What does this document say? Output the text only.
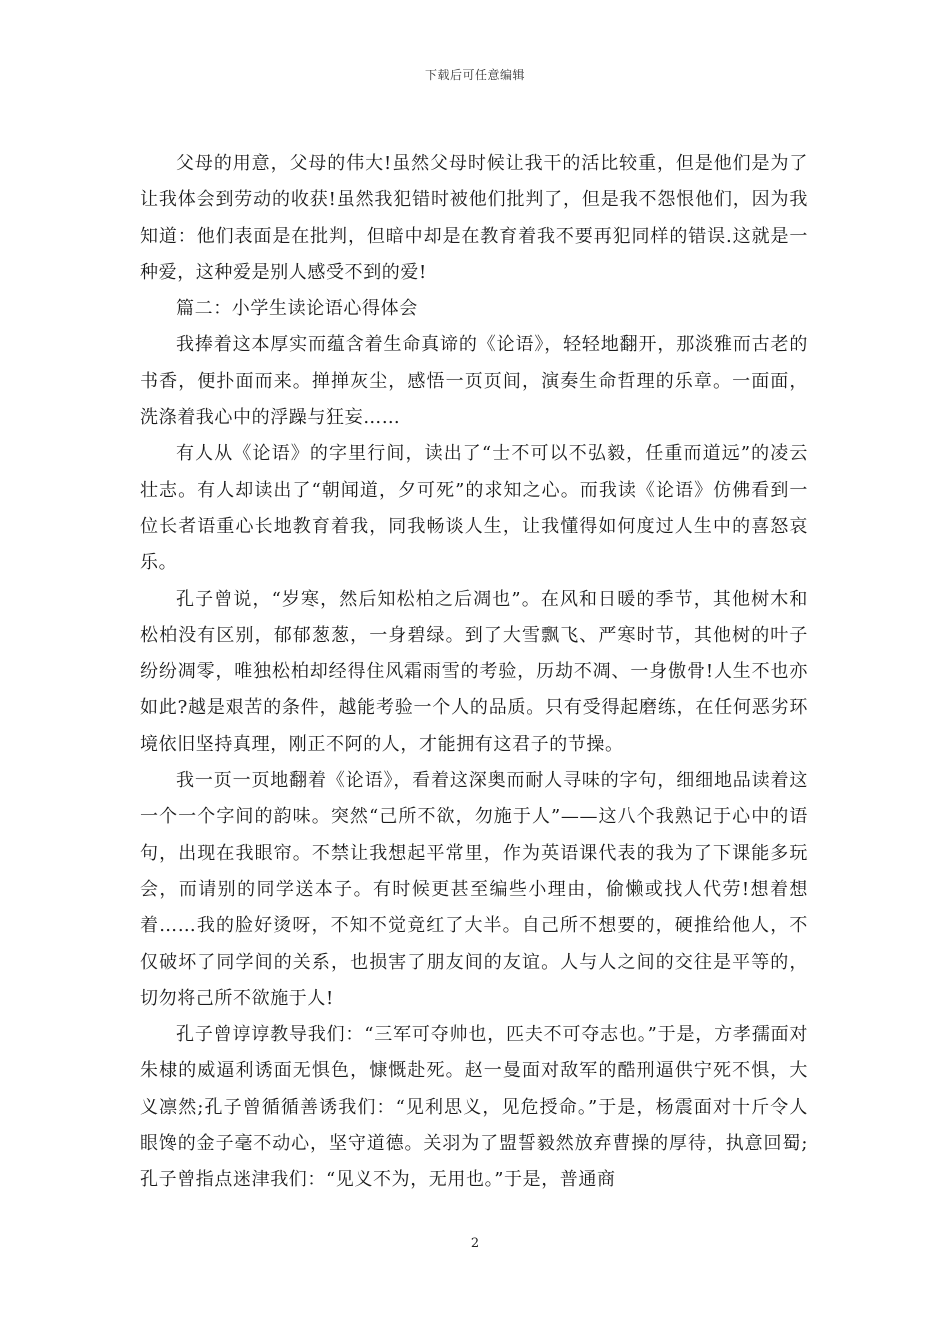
下载后可任意编辑

父母的用意，父母的伟大!虽然父母时候让我干的活比较重，但是他们是为了让我体会到劳动的收获!虽然我犯错时被他们批判了，但是我不怨恨他们，因为我知道：他们表面是在批判，但暗中却是在教育着我不要再犯同样的错误.这就是一种爱，这种爱是别人感受不到的爱!

篇二：小学生读论语心得体会

我捧着这本厚实而蕴含着生命真谛的《论语》，轻轻地翻开，那淡雅而古老的书香，便扑面而来。掸掸灰尘，感悟一页页间，演奏生命哲理的乐章。一面面，洗涤着我心中的浮躁与狂妄……

有人从《论语》的字里行间，读出了“士不可以不弘毅，任重而道远”的凌云壮志。有人却读出了“朝闻道，夕可死”的求知之心。而我读《论语》仿佛看到一位长者语重心长地教育着我，同我畅谈人生，让我懂得如何度过人生中的喜怒哀乐。

孔子曾说，“岁寒，然后知松柏之后凋也”。在风和日暖的季节，其他树木和松柏没有区别，郁郁葱葱，一身碧绿。到了大雪飘飞、严寒时节，其他树的叶子纷纷凋零，唯独松柏却经得住风霜雨雪的考验，历劫不凋、一身傲骨!人生不也亦如此?越是艰苦的条件，越能考验一个人的品质。只有受得起磨练，在任何恶劣环境依旧坚持真理，刚正不阿的人，才能拥有这君子的节操。

我一页一页地翻着《论语》，看着这深奥而耐人寻味的字句，细细地品读着这一个一个字间的韵味。突然“己所不欲，勿施于人”——这八个我熟记于心中的语句，出现在我眼帘。不禁让我想起平常里，作为英语课代表的我为了下课能多玩会，而请别的同学送本子。有时候更甚至编些小理由，偷懒或找人代劳!想着想着……我的脸好烫呀，不知不觉竟红了大半。自己所不想要的，硬推给他人，不仅破坏了同学间的关系，也损害了朋友间的友谊。人与人之间的交往是平等的，切勿将己所不欲施于人!

孔子曾谆谆教导我们：“三军可夺帅也，匹夫不可夺志也。”于是，方孝孺面对朱棣的威逼利诱面无惧色，慷慨赴死。赵一曼面对敌军的酷刑逼供宁死不惧，大义凛然;孔子曾循循善诱我们：“见利思义，见危授命。”于是，杨震面对十斤令人眼馋的金子毫不动心，坚守道德。关羽为了盟誓毅然放弃曹操的厚待，执意回蜀;孔子曾指点迷津我们：“见义不为，无用也。”于是，普通商

2
